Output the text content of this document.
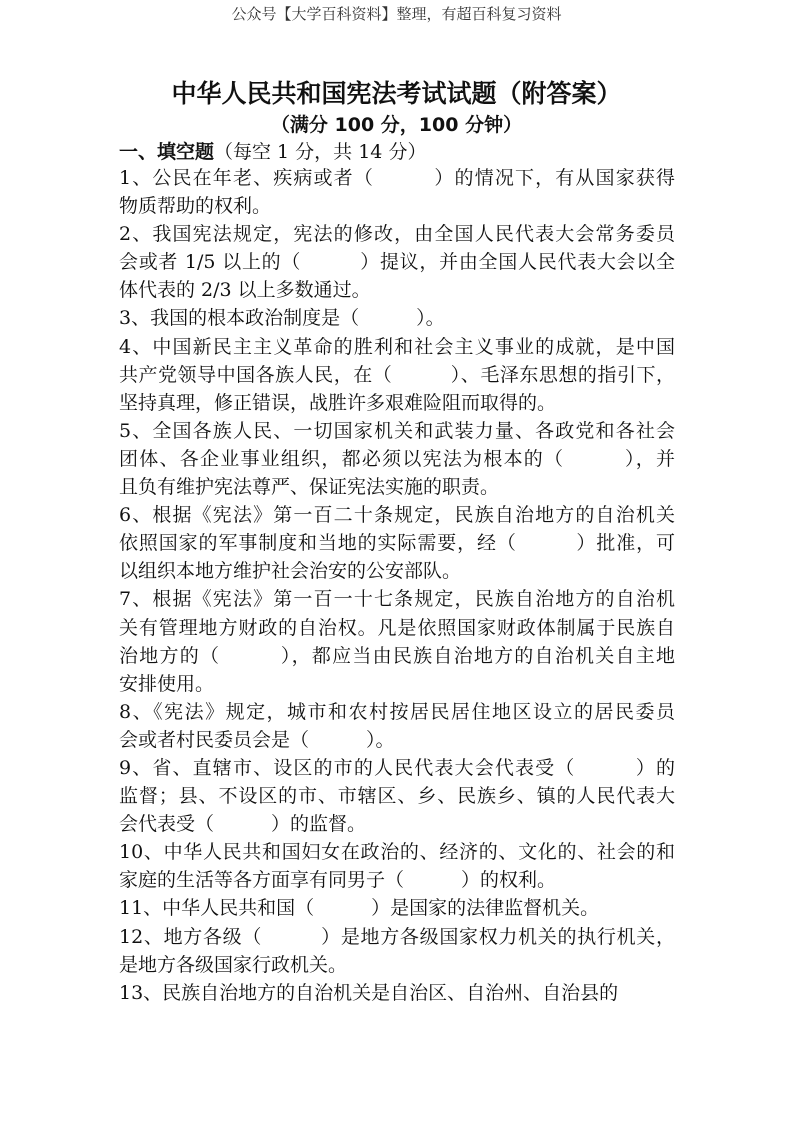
公众号【大学百科资料】整理，有超百科复习资料
中华人民共和国宪法考试试题（附答案）
（满分 100 分，100 分钟）
一、填空题（每空 1 分，共 14 分）
1、公民在年老、疾病或者（　　　）的情况下，有从国家获得
物质帮助的权利。
2、我国宪法规定，宪法的修改，由全国人民代表大会常务委员
会或者 1/5 以上的（　　　）提议，并由全国人民代表大会以全
体代表的 2/3 以上多数通过。
3、我国的根本政治制度是（　　　）。
4、中国新民主主义革命的胜利和社会主义事业的成就，是中国
共产党领导中国各族人民，在（　　　）、毛泽东思想的指引下，
坚持真理，修正错误，战胜许多艰难险阻而取得的。
5、全国各族人民、一切国家机关和武装力量、各政党和各社会
团体、各企业事业组织，都必须以宪法为根本的（　　　），并
且负有维护宪法尊严、保证宪法实施的职责。
6、根据《宪法》第一百二十条规定，民族自治地方的自治机关
依照国家的军事制度和当地的实际需要，经（　　　）批准，可
以组织本地方维护社会治安的公安部队。
7、根据《宪法》第一百一十七条规定，民族自治地方的自治机
关有管理地方财政的自治权。凡是依照国家财政体制属于民族自
治地方的（　　　），都应当由民族自治地方的自治机关自主地
安排使用。
8、《宪法》规定，城市和农村按居民居住地区设立的居民委员
会或者村民委员会是（　　　）。
9、省、直辖市、设区的市的人民代表大会代表受（　　　）的
监督；县、不设区的市、市辖区、乡、民族乡、镇的人民代表大
会代表受（　　　）的监督。
10、中华人民共和国妇女在政治的、经济的、文化的、社会的和
家庭的生活等各方面享有同男子（　　　）的权利。
11、中华人民共和国（　　　）是国家的法律监督机关。
12、地方各级（　　　）是地方各级国家权力机关的执行机关，
是地方各级国家行政机关。
13、民族自治地方的自治机关是自治区、自治州、自治县的
